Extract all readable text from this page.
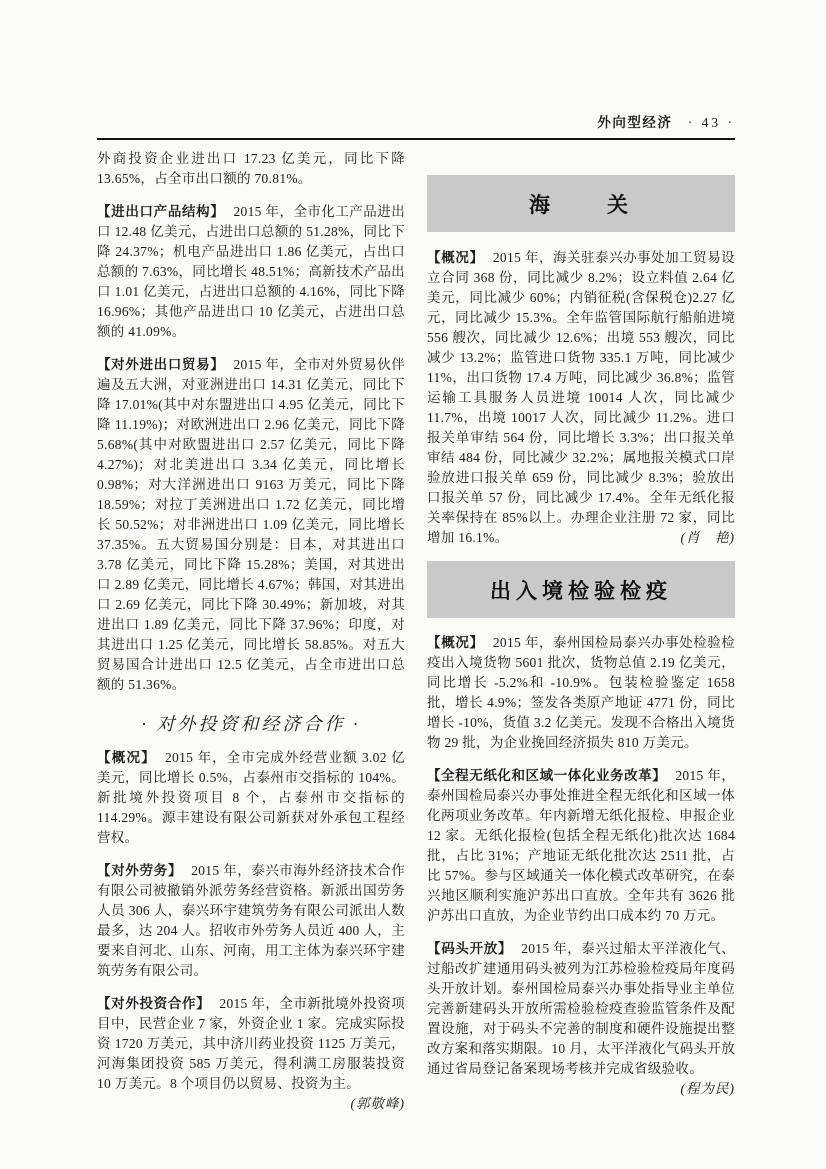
外向型经济 · 43 ·

外商投资企业进出口 17.23 亿美元，同比下降 13.65%，占全市出口额的 70.81%。

【进出口产品结构】 2015 年，全市化工产品进出口 12.48 亿美元，占进出口总额的 51.28%，同比下降 24.37%；机电产品进出口 1.86 亿美元，占出口总额的 7.63%，同比增长 48.51%；高新技术产品出口 1.01 亿美元，占进出口总额的 4.16%，同比下降 16.96%；其他产品进出口 10 亿美元，占进出口总额的 41.09%。

【对外进出口贸易】 2015 年，全市对外贸易伙伴遍及五大洲，对亚洲进出口 14.31 亿美元，同比下降 17.01%(其中对东盟进出口 4.95 亿美元，同比下降 11.19%)；对欧洲进出口 2.96 亿美元，同比下降 5.68%(其中对欧盟进出口 2.57 亿美元，同比下降 4.27%)；对北美进出口 3.34 亿美元，同比增长 0.98%；对大洋洲进出口 9163 万美元，同比下降 18.59%；对拉丁美洲进出口 1.72 亿美元，同比增长 50.52%；对非洲进出口 1.09 亿美元，同比增长 37.35%。五大贸易国分别是：日本，对其进出口 3.78 亿美元，同比下降 15.28%；美国，对其进出口 2.89 亿美元，同比增长 4.67%；韩国，对其进出口 2.69 亿美元，同比下降 30.49%；新加坡，对其进出口 1.89 亿美元，同比下降 37.96%；印度，对其进出口 1.25 亿美元，同比增长 58.85%。对五大贸易国合计进出口 12.5 亿美元，占全市进出口总额的 51.36%。

· 对外投资和经济合作 ·

【概况】 2015 年，全市完成外经营业额 3.02 亿美元，同比增长 0.5%，占泰州市交指标的 104%。新批境外投资项目 8 个，占泰州市交指标的 114.29%。源丰建设有限公司新获对外承包工程经营权。

【对外劳务】 2015 年，泰兴市海外经济技术合作有限公司被撤销外派劳务经营资格。新派出国劳务人员 306 人，泰兴环宇建筑劳务有限公司派出人数最多，达 204 人。招收市外劳务人员近 400 人，主要来自河北、山东、河南，用工主体为泰兴环宇建筑劳务有限公司。

【对外投资合作】 2015 年，全市新批境外投资项目中，民营企业 7 家，外资企业 1 家。完成实际投资 1720 万美元，其中济川药业投资 1125 万美元，河海集团投资 585 万美元，得利满工房服装投资 10 万美元。8 个项目仍以贸易、投资为主。
(郭敬峰)

海　　关

【概况】 2015 年，海关驻泰兴办事处加工贸易设立合同 368 份，同比减少 8.2%；设立料值 2.64 亿美元，同比减少 60%；内销征税(含保税仓)2.27 亿元，同比减少 15.3%。全年监管国际航行船舶进境 556 艘次，同比减少 12.6%；出境 553 艘次，同比减少 13.2%；监管进口货物 335.1 万吨，同比减少 11%，出口货物 17.4 万吨，同比减少 36.8%；监管运输工具服务人员进境 10014 人次，同比减少 11.7%，出境 10017 人次，同比减少 11.2%。进口报关单审结 564 份，同比增长 3.3%；出口报关单审结 484 份，同比减少 32.2%；属地报关模式口岸验放进口报关单 659 份，同比减少 8.3%；验放出口报关单 57 份，同比减少 17.4%。全年无纸化报关率保持在 85%以上。办理企业注册 72 家，同比增加 16.1%。	(肖　艳)

出入境检验检疫

【概况】 2015 年，泰州国检局泰兴办事处检验检疫出入境货物 5601 批次，货物总值 2.19 亿美元，同比增长 -5.2%和 -10.9%。包装检验鉴定 1658 批，增长 4.9%；签发各类原产地证 4771 份，同比增长 -10%，货值 3.2 亿美元。发现不合格出入境货物 29 批，为企业挽回经济损失 810 万美元。

【全程无纸化和区域一体化业务改革】 2015 年，泰州国检局泰兴办事处推进全程无纸化和区域一体化两项业务改革。年内新增无纸化报检、申报企业 12 家。无纸化报检(包括全程无纸化)批次达 1684 批，占比 31%；产地证无纸化批次达 2511 批，占比 57%。参与区域通关一体化模式改革研究，在泰兴地区顺利实施沪苏出口直放。全年共有 3626 批沪苏出口直放，为企业节约出口成本约 70 万元。

【码头开放】 2015 年，泰兴过船太平洋液化气、过船改扩建通用码头被列为江苏检验检疫局年度码头开放计划。泰州国检局泰兴办事处指导业主单位完善新建码头开放所需检验检疫查验监管条件及配置设施，对于码头不完善的制度和硬件设施提出整改方案和落实期限。10 月，太平洋液化气码头开放通过省局登记备案现场考核并完成省级验收。
(程为民)
